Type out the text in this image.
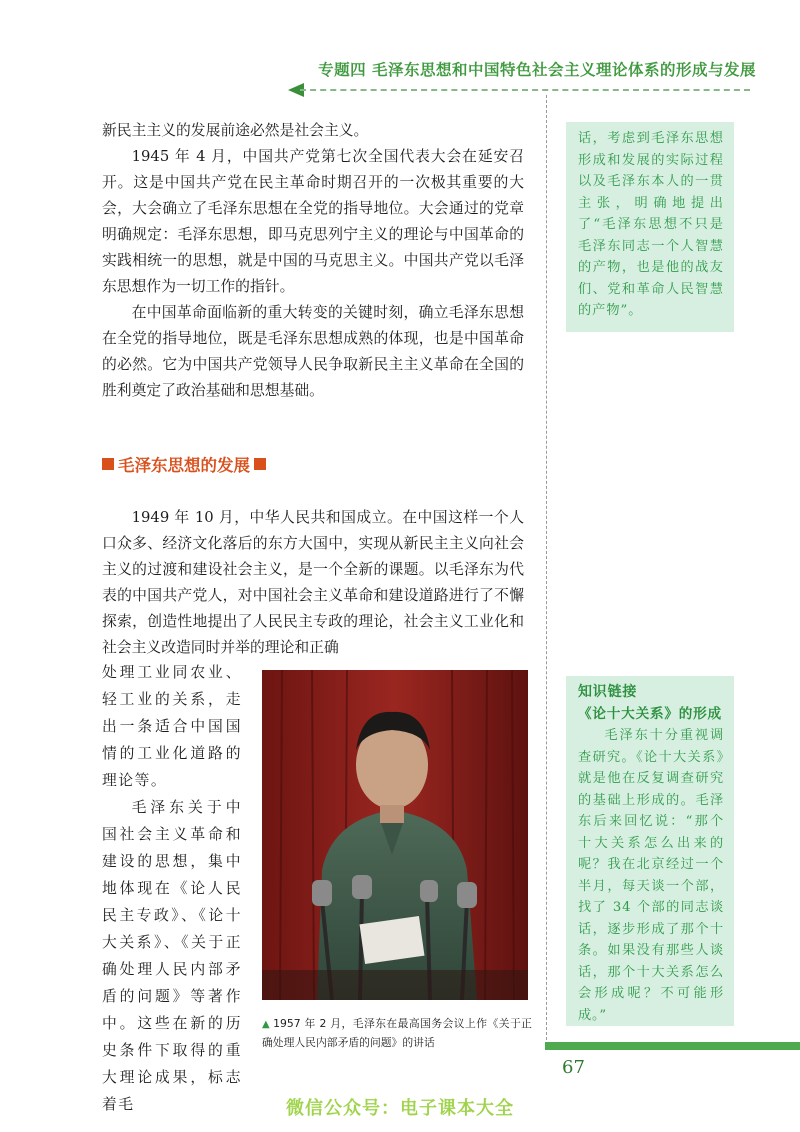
专题四 毛泽东思想和中国特色社会主义理论体系的形成与发展

新民主主义的发展前途必然是社会主义。

1945 年 4 月，中国共产党第七次全国代表大会在延安召开。这是中国共产党在民主革命时期召开的一次极其重要的大会，大会确立了毛泽东思想在全党的指导地位。大会通过的党章明确规定：毛泽东思想，即马克思列宁主义的理论与中国革命的实践相统一的思想，就是中国的马克思主义。中国共产党以毛泽东思想作为一切工作的指针。

在中国革命面临新的重大转变的关键时刻，确立毛泽东思想在全党的指导地位，既是毛泽东思想成熟的体现，也是中国革命的必然。它为中国共产党领导人民争取新民主主义革命在全国的胜利奠定了政治基础和思想基础。

毛泽东思想的发展

1949 年 10 月，中华人民共和国成立。在中国这样一个人口众多、经济文化落后的东方大国中，实现从新民主主义向社会主义的过渡和建设社会主义，是一个全新的课题。以毛泽东为代表的中国共产党人，对中国社会主义革命和建设道路进行了不懈探索，创造性地提出了人民民主专政的理论，社会主义工业化和社会主义改造同时并举的理论和正确

处理工业同农业、轻工业的关系，走出一条适合中国国情的工业化道路的理论等。

毛泽东关于中国社会主义革命和建设的思想，集中地体现在《论人民民主专政》、《论十大关系》、《关于正确处理人民内部矛盾的问题》等著作中。这些在新的历史条件下取得的重大理论成果，标志着毛

▲ 1957 年 2 月，毛泽东在最高国务会议上作《关于正确处理人民内部矛盾的问题》的讲话

话，考虑到毛泽东思想形成和发展的实际过程以及毛泽东本人的一贯主张，明确地提出了“毛泽东思想不只是毛泽东同志一个人智慧的产物，也是他的战友们、党和革命人民智慧的产物”。

知识链接
《论十大关系》的形成

毛泽东十分重视调查研究。《论十大关系》就是他在反复调查研究的基础上形成的。毛泽东后来回忆说：“那个十大关系怎么出来的呢？我在北京经过一个半月，每天谈一个部，找了 34 个部的同志谈话，逐步形成了那个十条。如果没有那些人谈话，那个十大关系怎么会形成呢？不可能形成。”

67
微信公众号：电子课本大全
